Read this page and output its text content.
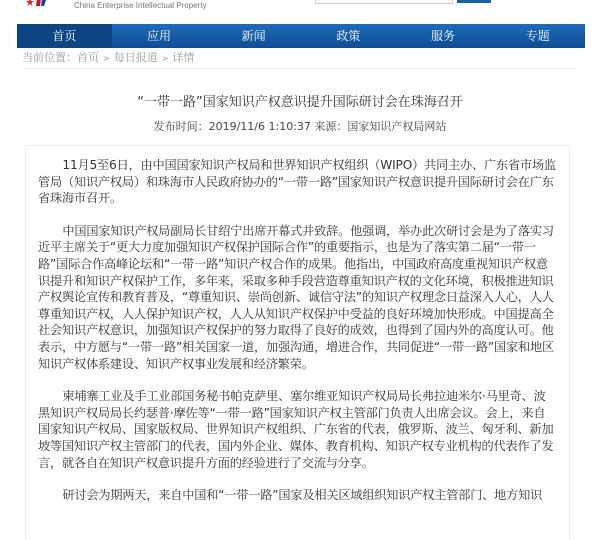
China Enterprise Intellectual Property
首页	应用	新闻	政策	服务	专题
当前位置：首页 > 每日报道 > 详情
“一带一路”国家知识产权意识提升国际研讨会在珠海召开
发布时间：2019/11/6 1:10:37 来源：国家知识产权局网站

11月5至6日，由中国国家知识产权局和世界知识产权组织（WIPO）共同主办、广东省市场监管局（知识产权局）和珠海市人民政府协办的“一带一路”国家知识产权意识提升国际研讨会在广东省珠海市召开。

中国国家知识产权局副局长甘绍宁出席开幕式并致辞。他强调，举办此次研讨会是为了落实习近平主席关于“更大力度加强知识产权保护国际合作”的重要指示，也是为了落实第二届“一带一路”国际合作高峰论坛和“一带一路”知识产权合作的成果。他指出，中国政府高度重视知识产权意识提升和知识产权保护工作，多年来，采取多种手段营造尊重知识产权的文化环境，积极推进知识产权舆论宣传和教育普及，“尊重知识、崇尚创新、诚信守法”的知识产权理念日益深入人心，人人尊重知识产权，人人保护知识产权，人人从知识产权保护中受益的良好环境加快形成。中国提高全社会知识产权意识，加强知识产权保护的努力取得了良好的成效，也得到了国内外的高度认可。他表示，中方愿与“一带一路”相关国家一道，加强沟通，增进合作，共同促进“一带一路”国家和地区知识产权体系建设、知识产权事业发展和经济繁荣。

柬埔寨工业及手工业部国务秘书帕克萨里、塞尔维亚知识产权局局长弗拉迪米尔·马里奇、波黑知识产权局局长约瑟普·摩佐等“一带一路”国家知识产权主管部门负责人出席会议。会上，来自国家知识产权局、国家版权局、世界知识产权组织、广东省的代表，俄罗斯、波兰、匈牙利、新加坡等国知识产权主管部门的代表，国内外企业、媒体、教育机构、知识产权专业机构的代表作了发言，就各自在知识产权意识提升方面的经验进行了交流与分享。

研讨会为期两天，来自中国和“一带一路”国家及相关区域组织知识产权主管部门、地方知识
